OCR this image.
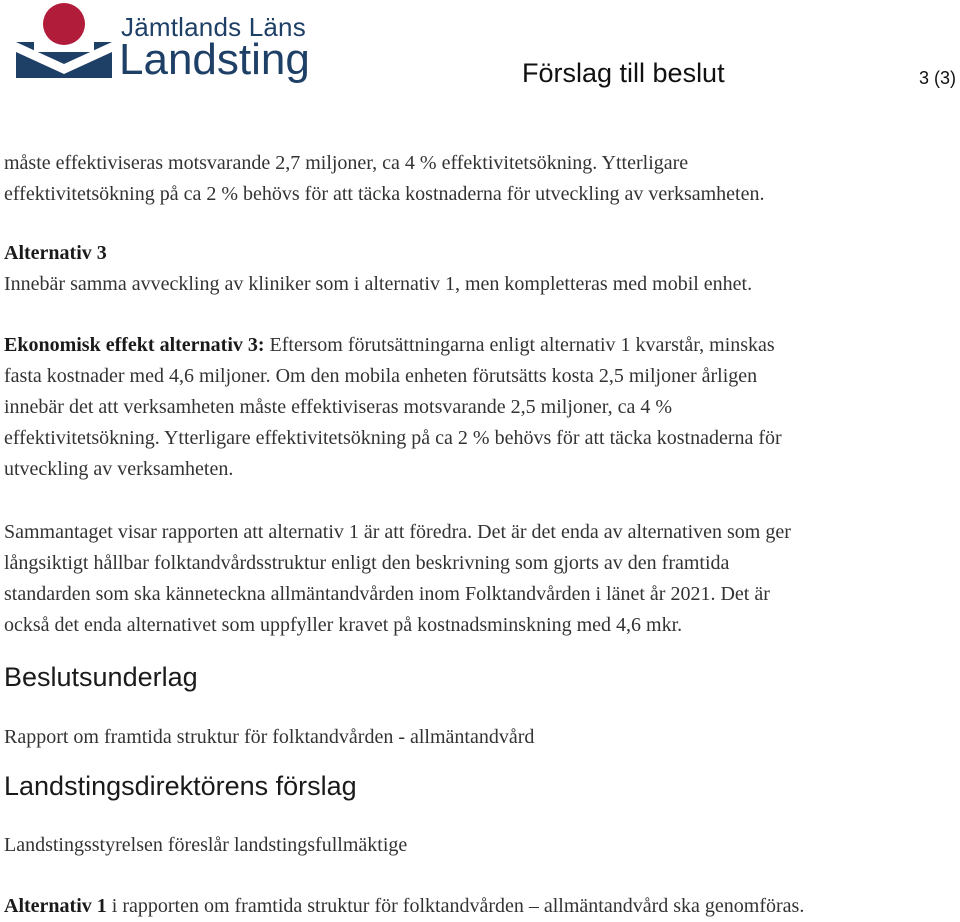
Jämtlands Läns
Landsting	Förslag till beslut	3 (3)

måste effektiviseras motsvarande 2,7 miljoner, ca 4 % effektivitetsökning. Ytterligare
effektivitetsökning på ca 2 % behövs för att täcka kostnaderna för utveckling av verksamheten.

Alternativ 3
Innebär samma avveckling av kliniker som i alternativ 1, men kompletteras med mobil enhet.

Ekonomisk effekt alternativ 3: Eftersom förutsättningarna enligt alternativ 1 kvarstår, minskas
fasta kostnader med 4,6 miljoner. Om den mobila enheten förutsätts kosta 2,5 miljoner årligen
innebär det att verksamheten måste effektiviseras motsvarande 2,5 miljoner, ca 4 %
effektivitetsökning. Ytterligare effektivitetsökning på ca 2 % behövs för att täcka kostnaderna för
utveckling av verksamheten.

Sammantaget visar rapporten att alternativ 1 är att föredra. Det är det enda av alternativen som ger
långsiktigt hållbar folktandvårdsstruktur enligt den beskrivning som gjorts av den framtida
standarden som ska känneteckna allmäntandvården inom Folktandvården i länet år 2021. Det är
också det enda alternativet som uppfyller kravet på kostnadsminskning med 4,6 mkr.

Beslutsunderlag

Rapport om framtida struktur för folktandvården - allmäntandvård

Landstingsdirektörens förslag

Landstingsstyrelsen föreslår landstingsfullmäktige

Alternativ 1 i rapporten om framtida struktur för folktandvården – allmäntandvård ska genomföras.
